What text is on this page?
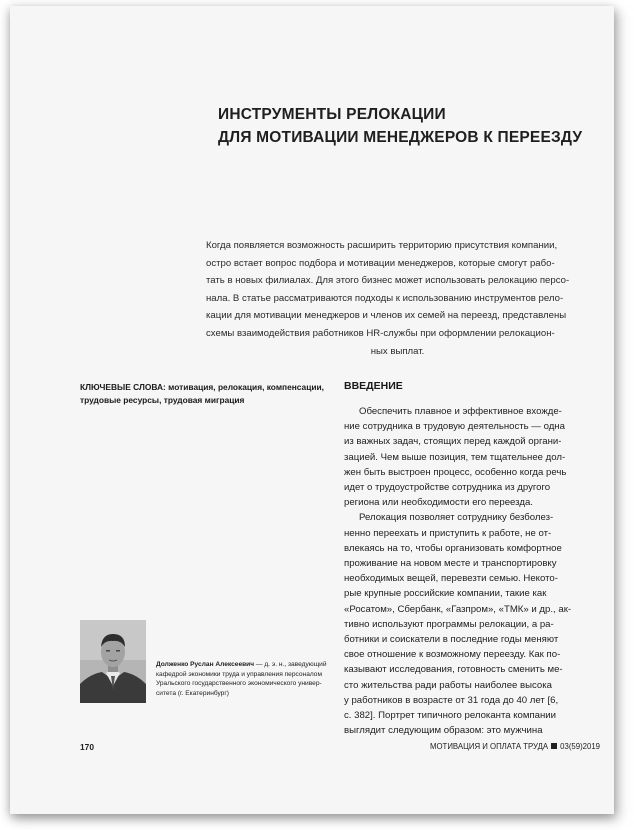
ИНСТРУМЕНТЫ РЕЛОКАЦИИ
ДЛЯ МОТИВАЦИИ МЕНЕДЖЕРОВ К ПЕРЕЕЗДУ
Когда появляется возможность расширить территорию присутствия компании,
остро встает вопрос подбора и мотивации менеджеров, которые смогут рабо-
тать в новых филиалах. Для этого бизнес может использовать релокацию персо-
нала. В статье рассматриваются подходы к использованию инструментов рело-
кации для мотивации менеджеров и членов их семей на переезд, представлены
схемы взаимодействия работников HR-службы при оформлении релокацион-
ных выплат.
КЛЮЧЕВЫЕ СЛОВА: мотивация, релокация, компенсации, трудовые ресурсы, трудовая миграция
ВВЕДЕНИЕ
Обеспечить плавное и эффективное вхожде-
ние сотрудника в трудовую деятельность — одна
из важных задач, стоящих перед каждой органи-
зацией. Чем выше позиция, тем тщательнее дол-
жен быть выстроен процесс, особенно когда речь
идет о трудоустройстве сотрудника из другого
региона или необходимости его переезда.
Релокация позволяет сотруднику безболез-
ненно переехать и приступить к работе, не от-
влекаясь на то, чтобы организовать комфортное
проживание на новом месте и транспортировку
необходимых вещей, перевезти семью. Некото-
рые крупные российские компании, такие как
«Росатом», Сбербанк, «Газпром», «ТМК» и др., ак-
тивно используют программы релокации, а ра-
ботники и соискатели в последние годы меняют
свое отношение к возможному переезду. Как по-
казывают исследования, готовность сменить ме-
сто жительства ради работы наиболее высока
у работников в возрасте от 31 года до 40 лет [6,
с. 382]. Портрет типичного релоканта компании
выглядит следующим образом: это мужчина
Долженко Руслан Алексеевич — д. э. н., заведующий кафедрой экономики труда и управления персоналом Уральского государственного экономического универ-ситета (г. Екатеринбург)
170	МОТИВАЦИЯ И ОПЛАТА ТРУДА 03(59)2019
